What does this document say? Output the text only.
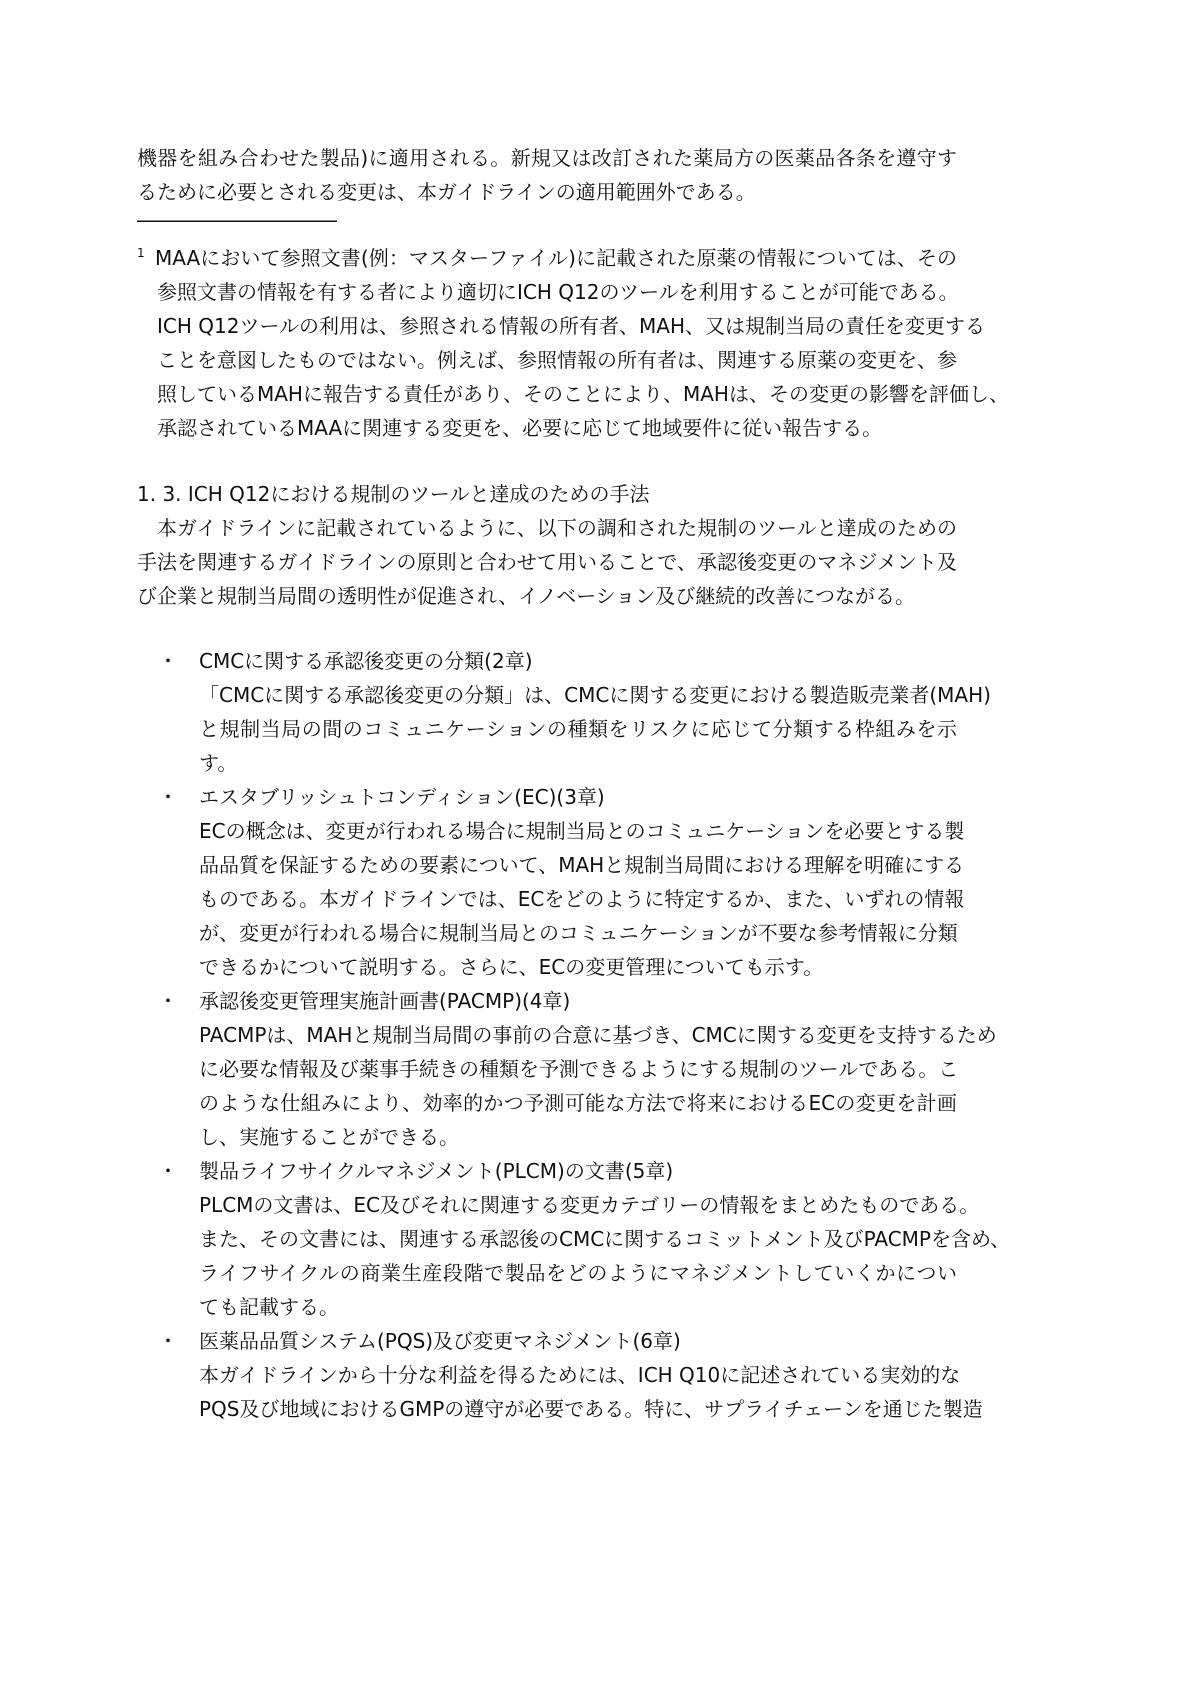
機器を組み合わせた製品)に適用される。新規又は改訂された薬局方の医薬品各条を遵守す
るために必要とされる変更は、本ガイドラインの適用範囲外である。
――――――――――
1 MAAにおいて参照文書(例：マスターファイル)に記載された原薬の情報については、その
参照文書の情報を有する者により適切にICH Q12のツールを利用することが可能である。
ICH Q12ツールの利用は、参照される情報の所有者、MAH、又は規制当局の責任を変更する
ことを意図したものではない。例えば、参照情報の所有者は、関連する原薬の変更を、参
照しているMAHに報告する責任があり、そのことにより、MAHは、その変更の影響を評価し、
承認されているMAAに関連する変更を、必要に応じて地域要件に従い報告する。
1. 3. ICH Q12における規制のツールと達成のための手法
本ガイドラインに記載されているように、以下の調和された規制のツールと達成のための
手法を関連するガイドラインの原則と合わせて用いることで、承認後変更のマネジメント及
び企業と規制当局間の透明性が促進され、イノベーション及び継続的改善につながる。
・ CMCに関する承認後変更の分類(2章)
「CMCに関する承認後変更の分類」は、CMCに関する変更における製造販売業者(MAH)
と規制当局の間のコミュニケーションの種類をリスクに応じて分類する枠組みを示
す。
・ エスタブリッシュトコンディション(EC)(3章)
ECの概念は、変更が行われる場合に規制当局とのコミュニケーションを必要とする製
品品質を保証するための要素について、MAHと規制当局間における理解を明確にする
ものである。本ガイドラインでは、ECをどのように特定するか、また、いずれの情報
が、変更が行われる場合に規制当局とのコミュニケーションが不要な参考情報に分類
できるかについて説明する。さらに、ECの変更管理についても示す。
・ 承認後変更管理実施計画書(PACMP)(4章)
PACMPは、MAHと規制当局間の事前の合意に基づき、CMCに関する変更を支持するため
に必要な情報及び薬事手続きの種類を予測できるようにする規制のツールである。こ
のような仕組みにより、効率的かつ予測可能な方法で将来におけるECの変更を計画
し、実施することができる。
・ 製品ライフサイクルマネジメント(PLCM)の文書(5章)
PLCMの文書は、EC及びそれに関連する変更カテゴリーの情報をまとめたものである。
また、その文書には、関連する承認後のCMCに関するコミットメント及びPACMPを含め、
ライフサイクルの商業生産段階で製品をどのようにマネジメントしていくかについ
ても記載する。
・ 医薬品品質システム(PQS)及び変更マネジメント(6章)
本ガイドラインから十分な利益を得るためには、ICH Q10に記述されている実効的な
PQS及び地域におけるGMPの遵守が必要である。特に、サプライチェーンを通じた製造
